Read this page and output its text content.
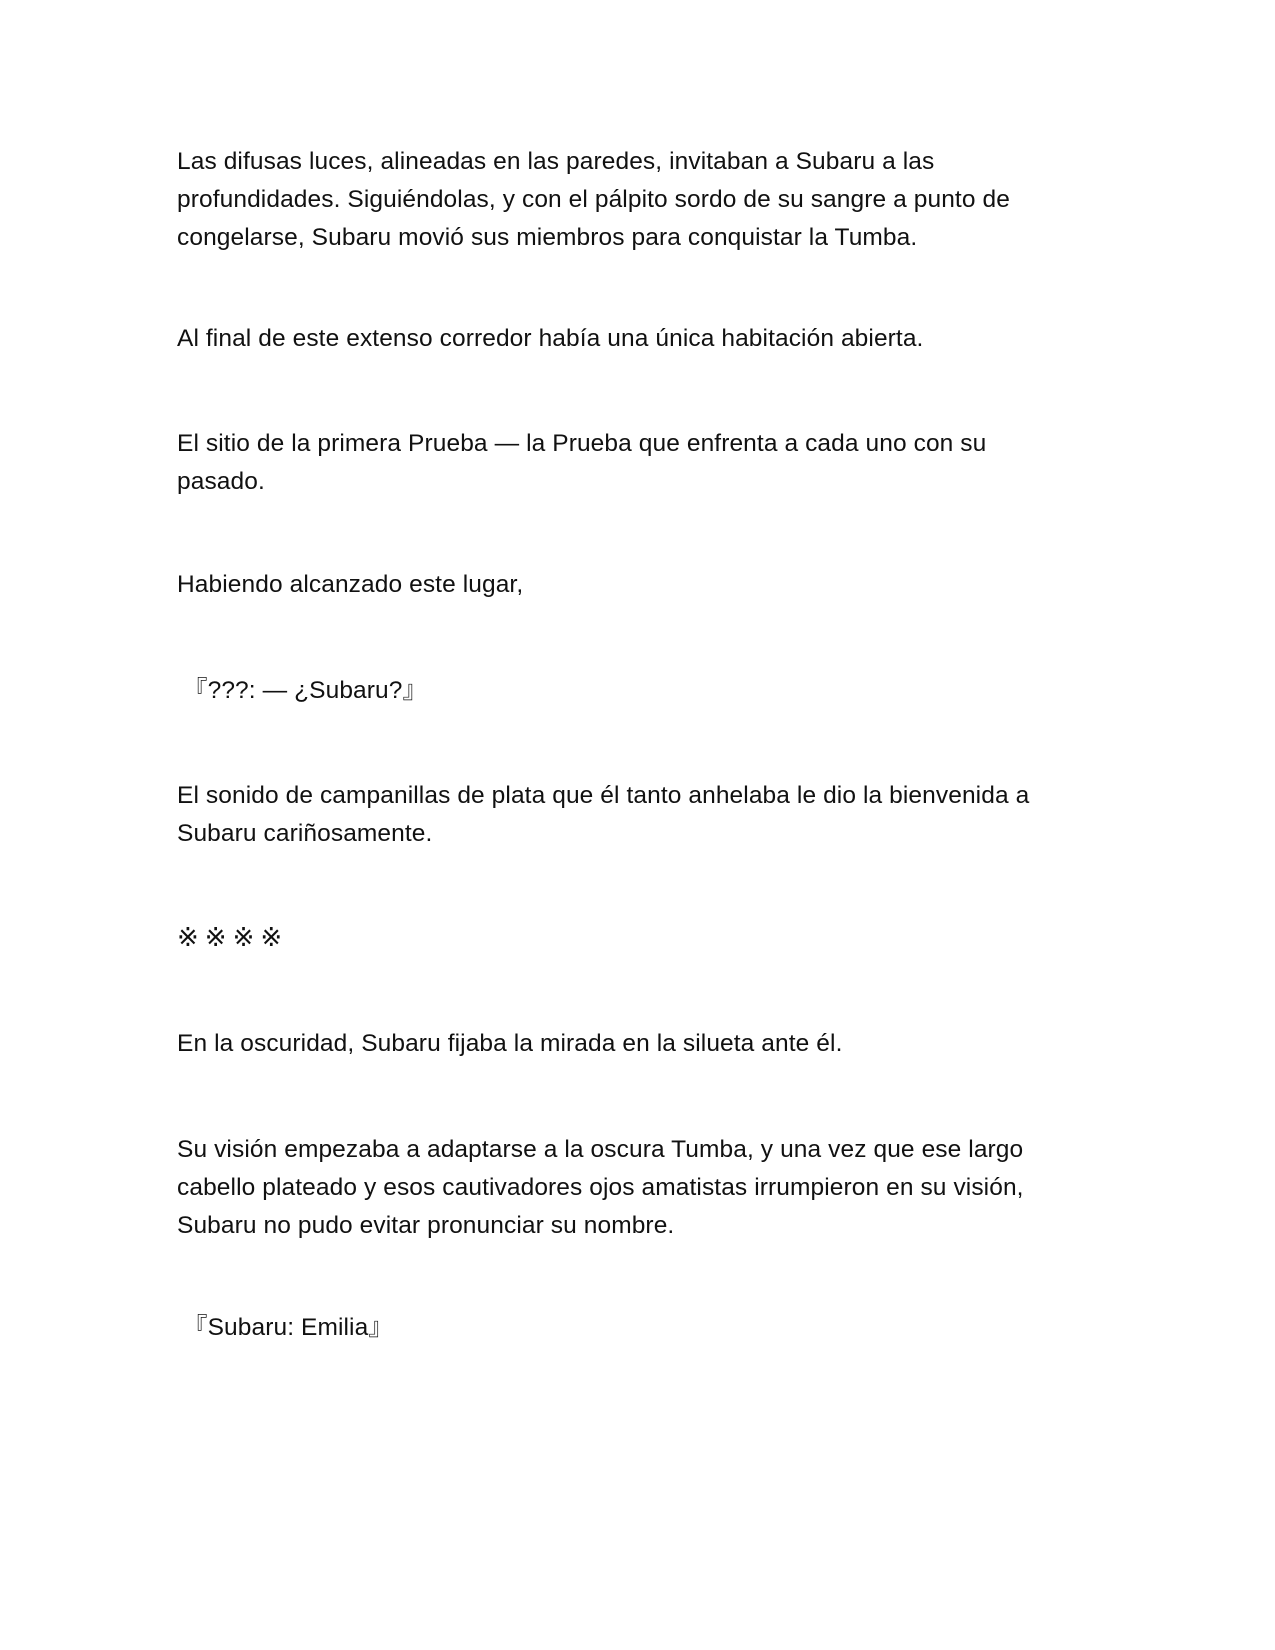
Las difusas luces, alineadas en las paredes, invitaban a Subaru a las
profundidades. Siguiéndolas, y con el pálpito sordo de su sangre a punto de
congelarse, Subaru movió sus miembros para conquistar la Tumba.

Al final de este extenso corredor había una única habitación abierta.

El sitio de la primera Prueba — la Prueba que enfrenta a cada uno con su
pasado.

Habiendo alcanzado este lugar,

『???: — ¿Subaru?』

El sonido de campanillas de plata que él tanto anhelaba le dio la bienvenida a
Subaru cariñosamente.

※※※※

En la oscuridad, Subaru fijaba la mirada en la silueta ante él.

Su visión empezaba a adaptarse a la oscura Tumba, y una vez que ese largo
cabello plateado y esos cautivadores ojos amatistas irrumpieron en su visión,
Subaru no pudo evitar pronunciar su nombre.

『Subaru: Emilia』
